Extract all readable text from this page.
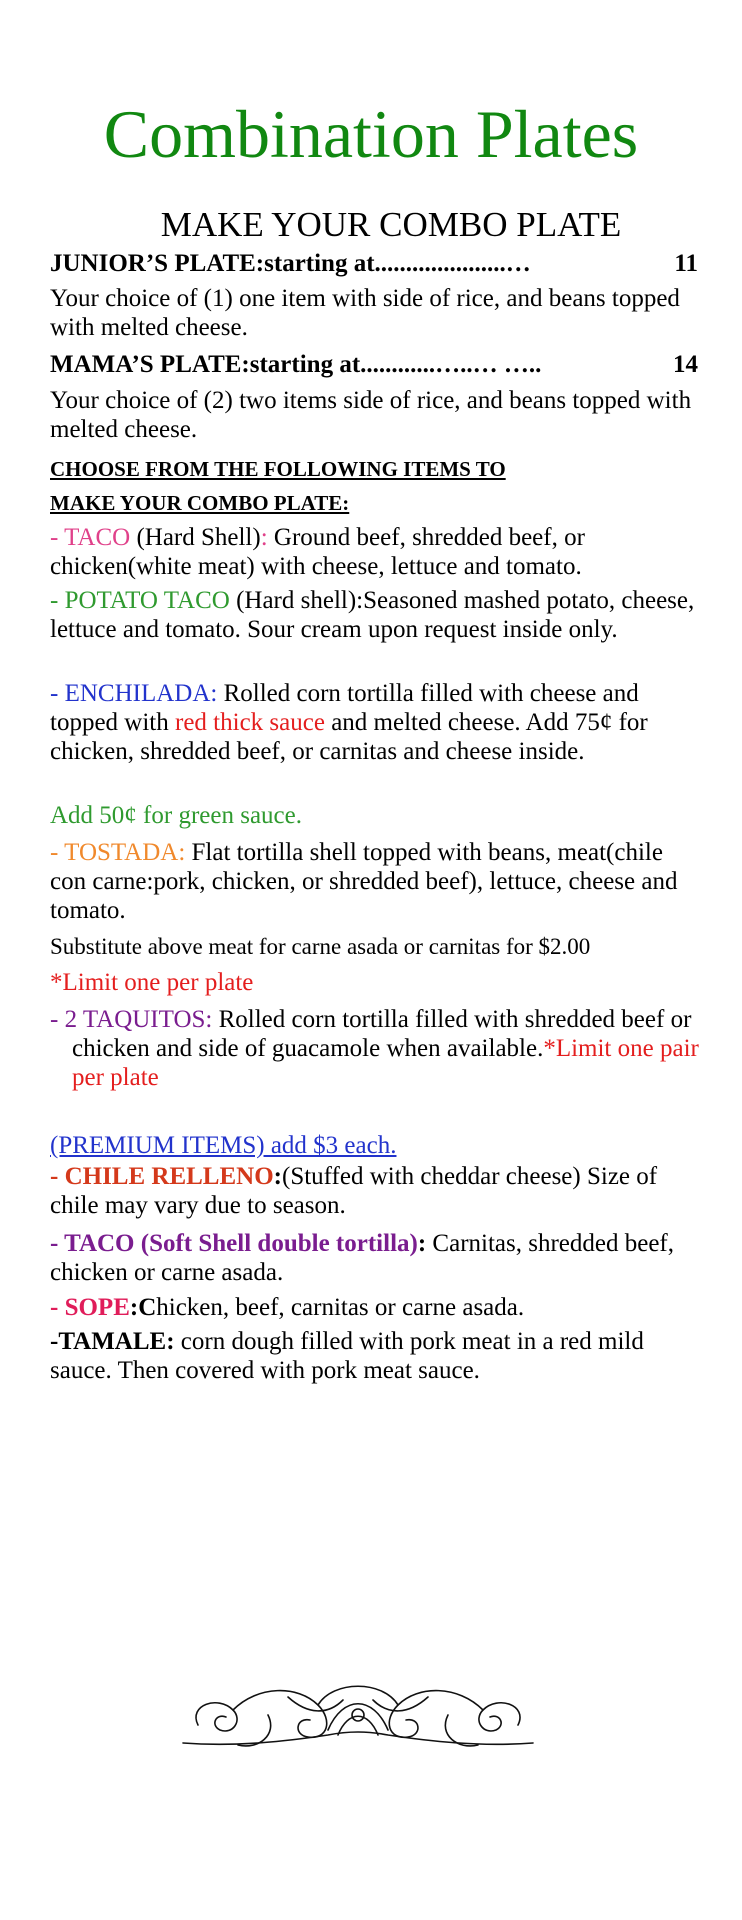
Combination Plates
MAKE YOUR COMBO PLATE
JUNIOR’S PLATE:starting at.....................…	11
Your choice of (1) one item with side of rice, and beans topped with melted cheese.
MAMA’S PLATE:starting at............…..… …..	14
Your choice of (2) two items side of rice, and beans topped with melted cheese.
CHOOSE FROM THE FOLLOWING ITEMS TO
MAKE YOUR COMBO PLATE:
- TACO (Hard Shell): Ground beef, shredded beef, or chicken(white meat) with cheese, lettuce and tomato.
- POTATO TACO (Hard shell):Seasoned mashed potato, cheese, lettuce and tomato. Sour cream upon request inside only.
- ENCHILADA: Rolled corn tortilla filled with cheese and topped with red thick sauce and melted cheese. Add 75¢ for chicken, shredded beef, or carnitas and cheese inside.
Add 50¢ for green sauce.
- TOSTADA: Flat tortilla shell topped with beans, meat(chile con carne:pork, chicken, or shredded beef), lettuce, cheese and tomato.
Substitute above meat for carne asada or carnitas for $2.00
*Limit one per plate
- 2 TAQUITOS: Rolled corn tortilla filled with shredded beef or chicken and side of guacamole when available.*Limit one pair per plate
(PREMIUM ITEMS) add $3 each.
- CHILE RELLENO:(Stuffed with cheddar cheese) Size of chile may vary due to season.
- TACO (Soft Shell double tortilla): Carnitas, shredded beef, chicken or carne asada.
- SOPE:Chicken, beef, carnitas or carne asada.
-TAMALE: corn dough filled with pork meat in a red mild sauce. Then covered with pork meat sauce.
